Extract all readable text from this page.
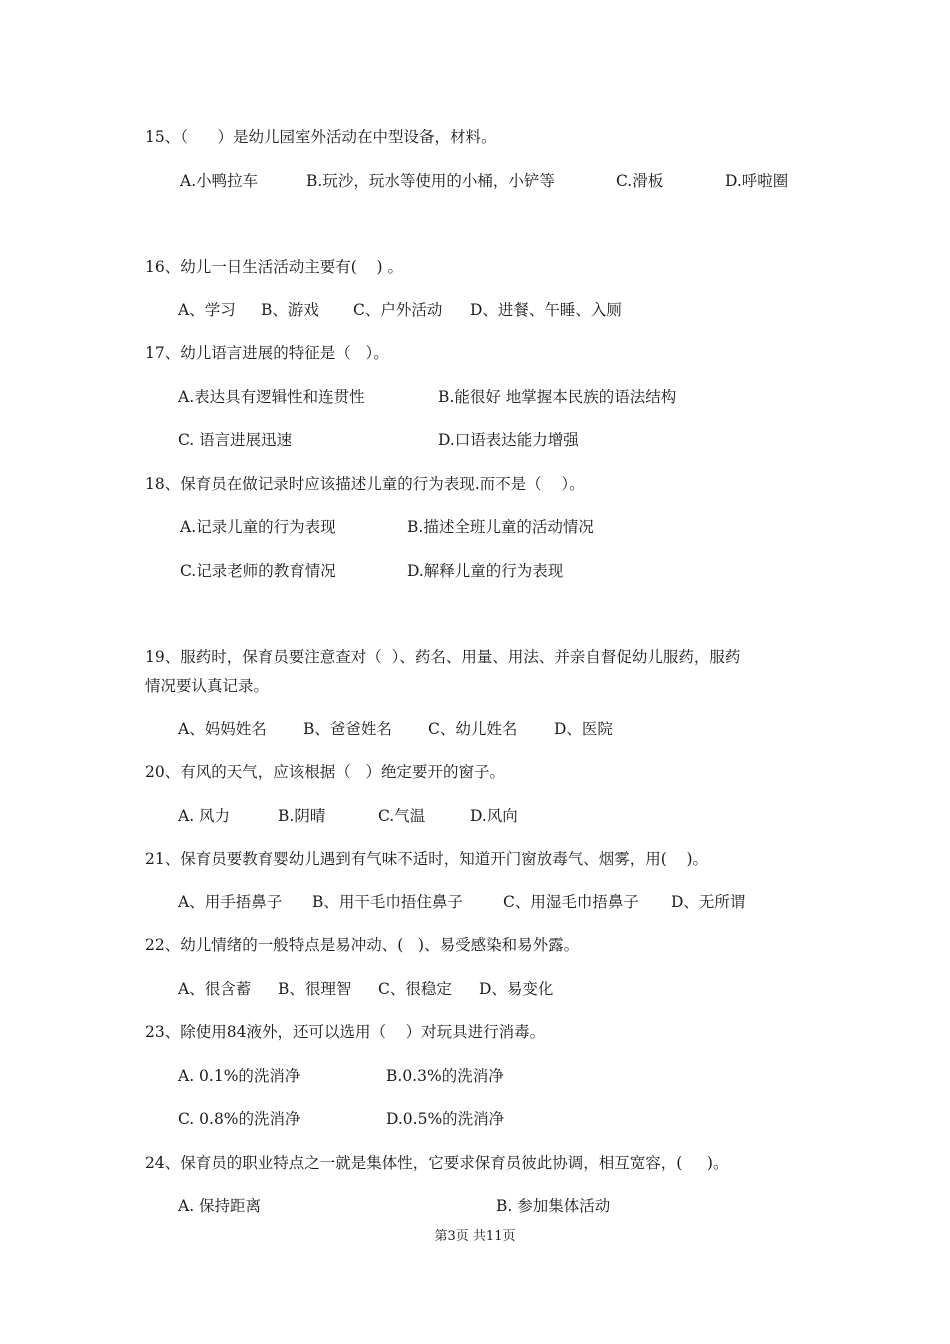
15、（      ）是幼儿园室外活动在中型设备，材料。
A.小鸭拉车	B.玩沙，玩水等使用的小桶，小铲等	C.滑板	D.呼啦圈
16、幼儿一日生活活动主要有(    ) 。
A、学习 B、游戏 C、户外活动 D、进餐、午睡、入厕
17、幼儿语言进展的特征是（   ）。
A.表达具有逻辑性和连贯性	B.能很好 地掌握本民族的语法结构
C. 语言进展迅速	D.口语表达能力增强
18、保育员在做记录时应该描述儿童的行为表现.而不是（    ）。
A.记录儿童的行为表现	B.描述全班儿童的活动情况
C.记录老师的教育情况	D.解释儿童的行为表现
19、服药时，保育员要注意查对（  ）、药名、用量、用法、并亲自督促幼儿服药，服药
情况要认真记录。
A、妈妈姓名 B、爸爸姓名 C、幼儿姓名 D、医院
20、有风的天气，应该根据（   ）绝定要开的窗子。
A. 风力	B.阴晴	C.气温	D.风向
21、保育员要教育婴幼儿遇到有气味不适时，知道开门窗放毒气、烟雾，用(    )。
A、用手捂鼻子 B、用干毛巾捂住鼻子	C、用湿毛巾捂鼻子 D、无所谓
22、幼儿情绪的一般特点是易冲动、(   )、易受感染和易外露。
A、很含蓄 B、很理智 C、很稳定 D、易变化
23、除使用84液外，还可以选用（    ）对玩具进行消毒。
A. 0.1%的洗消净	B.0.3%的洗消净
C. 0.8%的洗消净	D.0.5%的洗消净
24、保育员的职业特点之一就是集体性，它要求保育员彼此协调，相互宽容，(     )。
A. 保持距离	B. 参加集体活动
第3页 共11页
